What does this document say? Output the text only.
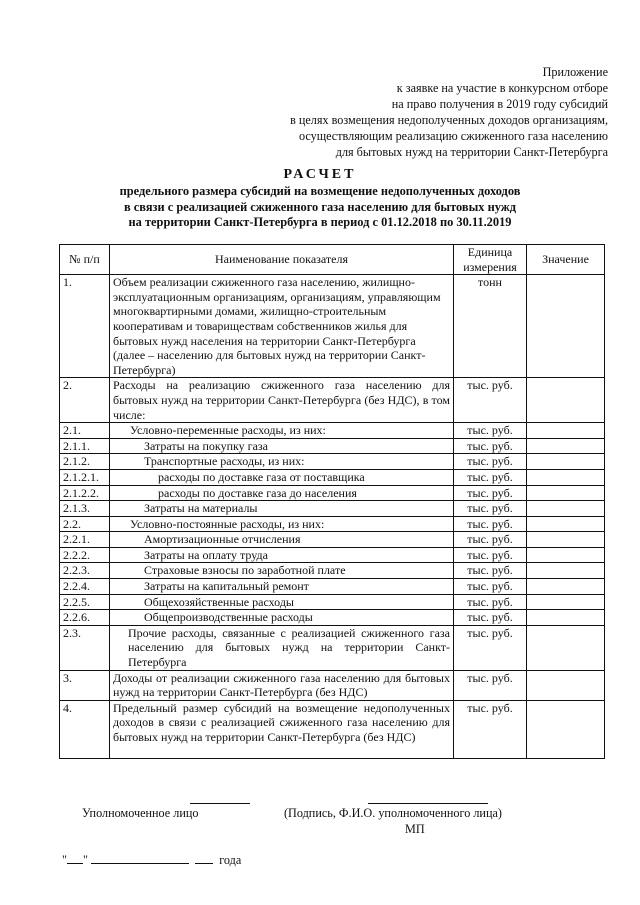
Приложение
к заявке на участие в конкурсном отборе
на право получения в 2019 году субсидий
в целях возмещения недополученных доходов организациям,
осуществляющим реализацию сжиженного газа населению
для бытовых нужд на территории Санкт-Петербурга
РАСЧЕТ
предельного размера субсидий на возмещение недополученных доходов
в связи с реализацией сжиженного газа населению для бытовых нужд
на территории Санкт-Петербурга в период с 01.12.2018 по 30.11.2019
№ п/п	Наименование показателя	Единица измерения	Значение
1.	Объем реализации сжиженного газа населению, жилищно-эксплуатационным организациям, организациям, управляющим многоквартирными домами, жилищно-строительным кооперативам и товариществам собственников жилья для бытовых нужд населения на территории Санкт-Петербурга (далее – населению для бытовых нужд на территории Санкт-Петербурга)	тонн	
2.	Расходы на реализацию сжиженного газа населению для бытовых нужд на территории Санкт-Петербурга (без НДС), в том числе:	тыс. руб.	
2.1.	Условно-переменные расходы, из них:	тыс. руб.	
2.1.1.	Затраты на покупку газа	тыс. руб.	
2.1.2.	Транспортные расходы, из них:	тыс. руб.	
2.1.2.1.	расходы по доставке газа от поставщика	тыс. руб.	
2.1.2.2.	расходы по доставке газа до населения	тыс. руб.	
2.1.3.	Затраты на материалы	тыс. руб.	
2.2.	Условно-постоянные расходы, из них:	тыс. руб.	
2.2.1.	Амортизационные отчисления	тыс. руб.	
2.2.2.	Затраты на оплату труда	тыс. руб.	
2.2.3.	Страховые взносы по заработной плате	тыс. руб.	
2.2.4.	Затраты на капитальный ремонт	тыс. руб.	
2.2.5.	Общехозяйственные расходы	тыс. руб.	
2.2.6.	Общепроизводственные расходы	тыс. руб.	
2.3.	Прочие расходы, связанные с реализацией сжиженного газа населению для бытовых нужд на территории Санкт-Петербурга	тыс. руб.	
3.	Доходы от реализации сжиженного газа населению для бытовых нужд на территории Санкт-Петербурга (без НДС)	тыс. руб.	
4.	Предельный размер субсидий на возмещение недополученных доходов в связи с реализацией сжиженного газа населению для бытовых нужд на территории Санкт-Петербурга (без НДС)	тыс. руб.	
Уполномоченное лицо	(Подпись, Ф.И.О. уполномоченного лица)
МП
" "	года
